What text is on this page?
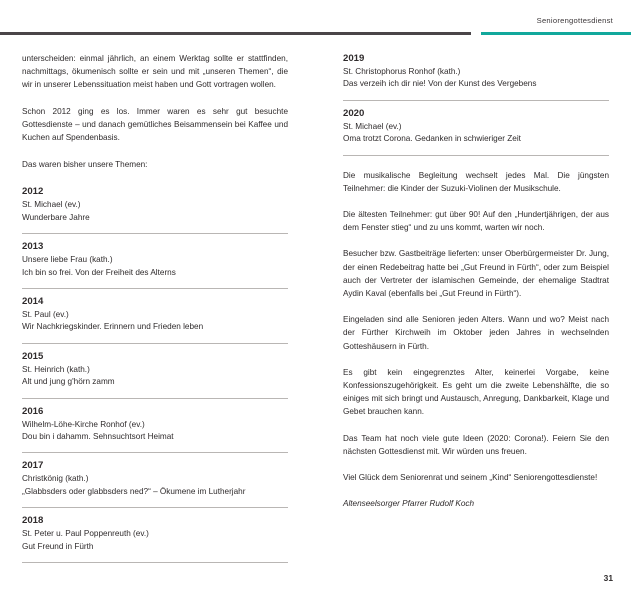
Seniorengottesdienst

unterscheiden: einmal jährlich, an einem Werktag sollte er stattfinden, nachmittags, ökumenisch sollte er sein und mit „unseren Themen“, die wir in unserer Lebenssituation meist haben und Gott vortragen wollen.

Schon 2012 ging es los. Immer waren es sehr gut besuchte Gottesdienste – und danach gemütliches Beisammensein bei Kaffee und Kuchen auf Spendenbasis.

Das waren bisher unsere Themen:
2012
St. Michael (ev.)
Wunderbare Jahre
2013
Unsere liebe Frau (kath.)
Ich bin so frei. Von der Freiheit des Alterns
2014
St. Paul (ev.)
Wir Nachkriegskinder. Erinnern und Frieden leben
2015
St. Heinrich (kath.)
Alt und jung g'hörn zamm
2016
Wilhelm-Löhe-Kirche Ronhof (ev.)
Dou bin i dahamm. Sehnsuchtsort Heimat
2017
Christkönig (kath.)
„Glabbsders oder glabbsders ned?“ – Ökumene im Lutherjahr
2018
St. Peter u. Paul Poppenreuth (ev.)
Gut Freund in Fürth
2019
St. Christophorus Ronhof (kath.)
Das verzeih ich dir nie! Von der Kunst des Vergebens
2020
St. Michael (ev.)
Oma trotzt Corona. Gedanken in schwieriger Zeit

Die musikalische Begleitung wechselt jedes Mal. Die jüngsten Teilnehmer: die Kinder der Suzuki-Violinen der Musikschule.

Die ältesten Teilnehmer: gut über 90! Auf den „Hundertjährigen, der aus dem Fenster stieg“ und zu uns kommt, warten wir noch.

Besucher bzw. Gastbeiträge lieferten: unser Oberbürgermeister Dr. Jung, der einen Redebeitrag hatte bei „Gut Freund in Fürth“, oder zum Beispiel auch der Vertreter der islamischen Gemeinde, der ehemalige Stadtrat Aydin Kaval (ebenfalls bei „Gut Freund in Fürth“).

Eingeladen sind alle Senioren jeden Alters. Wann und wo? Meist nach der Fürther Kirchweih im Oktober jeden Jahres in wechselnden Gotteshäusern in Fürth.

Es gibt kein eingegrenztes Alter, keinerlei Vorgabe, keine Konfessionszugehörigkeit. Es geht um die zweite Lebenshälfte, die so einiges mit sich bringt und Austausch, Anregung, Dankbarkeit, Klage und Gebet brauchen kann.

Das Team hat noch viele gute Ideen (2020: Corona!). Feiern Sie den nächsten Gottesdienst mit. Wir würden uns freuen.

Viel Glück dem Seniorenrat und seinem „Kind“ Seniorengottesdienste!

Altenseelsorger Pfarrer Rudolf Koch

31
